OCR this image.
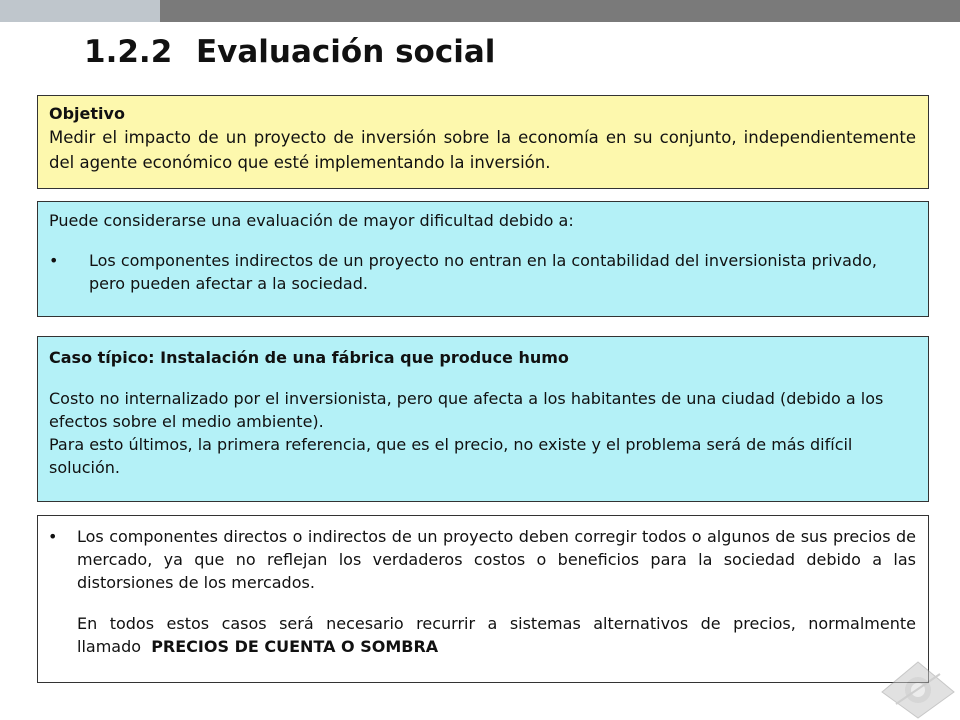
1.2.2 Evaluación social
Objetivo
Medir el impacto de un proyecto de inversión sobre la economía en su conjunto, independientemente del agente económico que esté implementando la inversión.
Puede considerarse una evaluación de mayor dificultad debido a:
•	Los componentes indirectos de un proyecto no entran en la contabilidad del inversionista privado, pero pueden afectar a la sociedad.
Caso típico: Instalación de una fábrica que produce humo
Costo no internalizado por el inversionista, pero que afecta a los habitantes de una ciudad (debido a los efectos sobre el medio ambiente).
Para esto últimos, la primera referencia, que es el precio, no existe y el problema será de más difícil solución.
•	Los componentes directos o indirectos de un proyecto deben corregir todos o algunos de sus precios de mercado, ya que no reflejan los verdaderos costos o beneficios para la sociedad debido a las distorsiones de los mercados.
En todos estos casos será necesario recurrir a sistemas alternativos de precios, normalmente llamado PRECIOS DE CUENTA O SOMBRA
